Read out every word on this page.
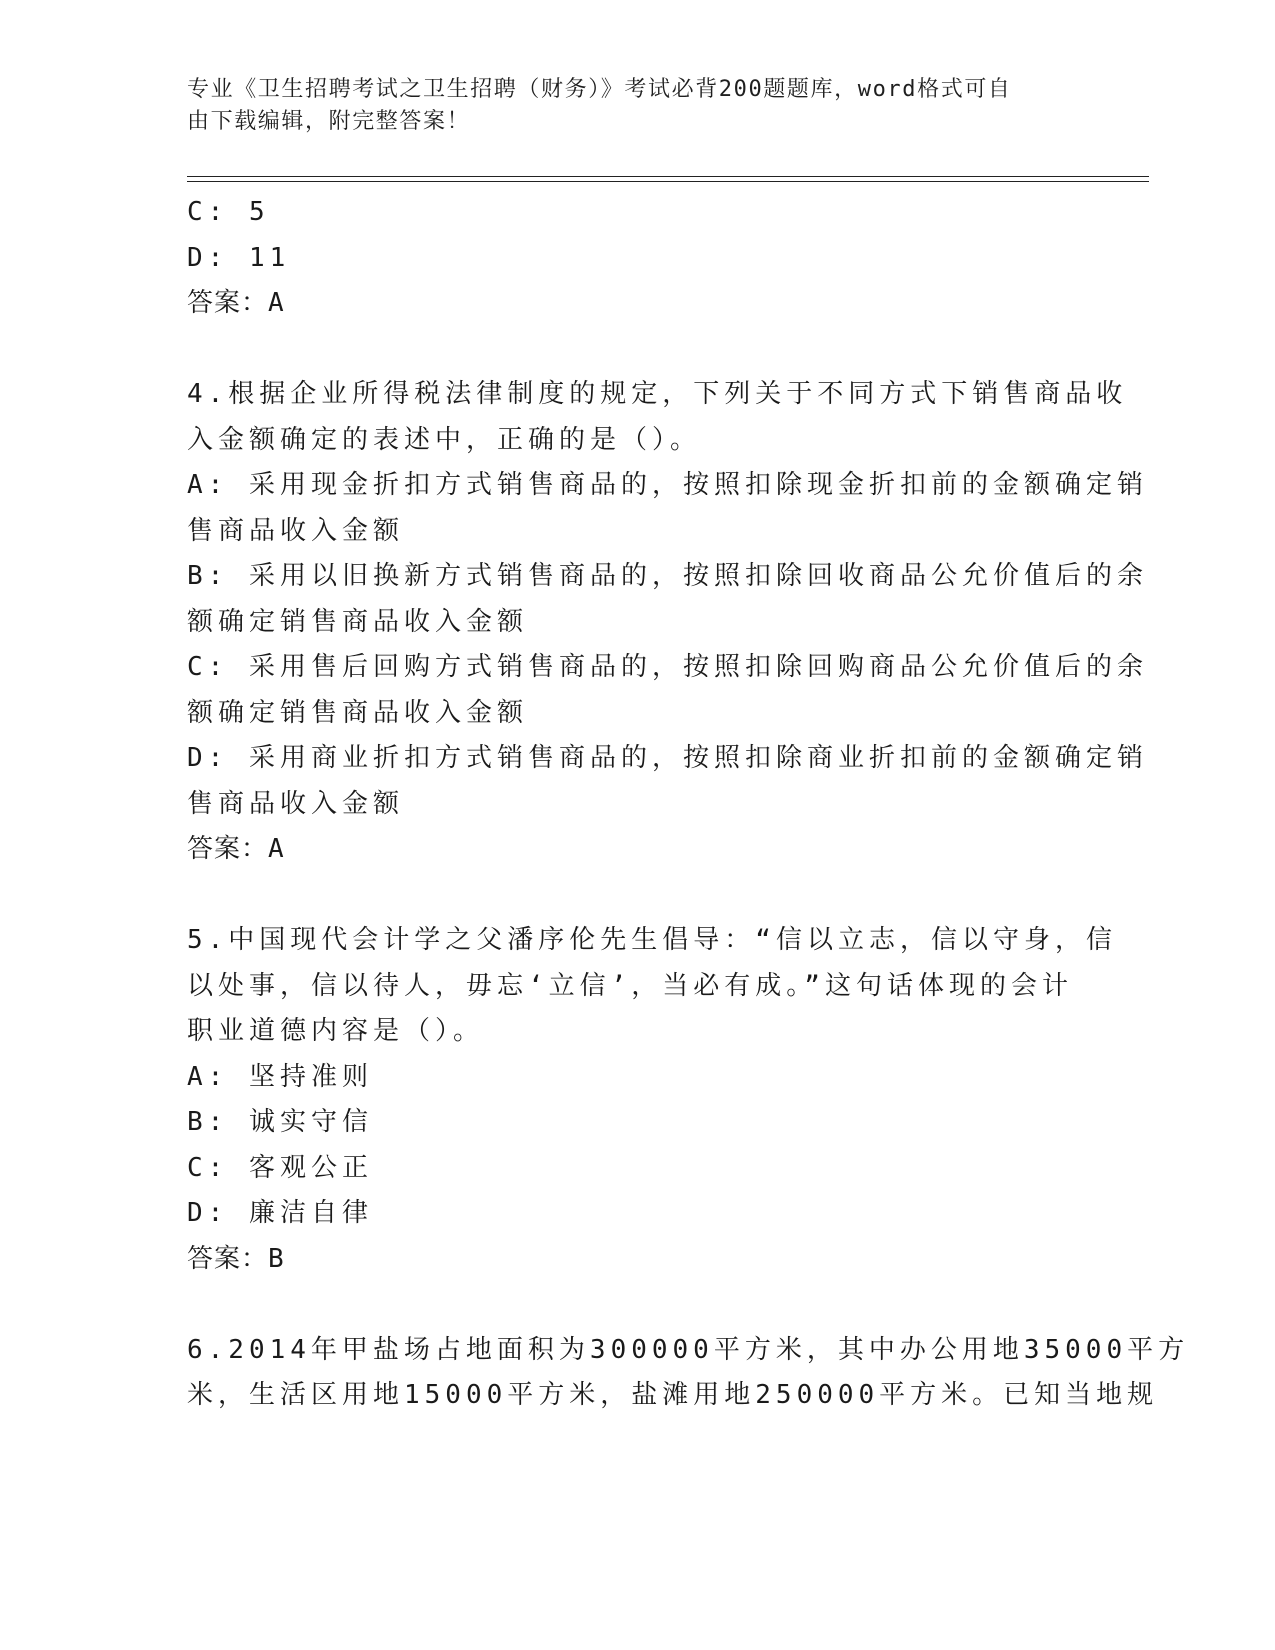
专业《卫生招聘考试之卫生招聘（财务）》考试必背200题题库，word格式可自
由下载编辑，附完整答案！
C: 5
D: 11
答案：A
4.根据企业所得税法律制度的规定，下列关于不同方式下销售商品收
入金额确定的表述中，正确的是（）。
A: 采用现金折扣方式销售商品的，按照扣除现金折扣前的金额确定销
售商品收入金额
B: 采用以旧换新方式销售商品的，按照扣除回收商品公允价值后的余
额确定销售商品收入金额
C: 采用售后回购方式销售商品的，按照扣除回购商品公允价值后的余
额确定销售商品收入金额
D: 采用商业折扣方式销售商品的，按照扣除商业折扣前的金额确定销
售商品收入金额
答案：A
5.中国现代会计学之父潘序伦先生倡导：“信以立志，信以守身，信
以处事，信以待人，毋忘‘立信’，当必有成。”这句话体现的会计
职业道德内容是（）。
A: 坚持准则
B: 诚实守信
C: 客观公正
D: 廉洁自律
答案：B
6.2014年甲盐场占地面积为300000平方米，其中办公用地35000平方
米，生活区用地15000平方米，盐滩用地250000平方米。已知当地规
